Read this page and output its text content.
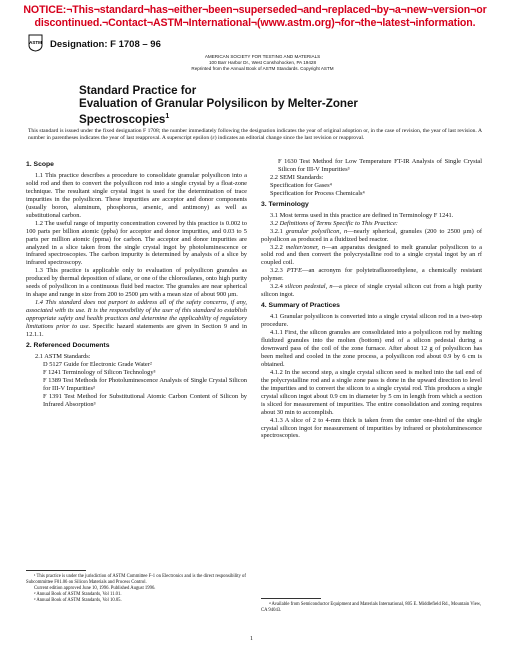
NOTICE:¬This¬standard¬has¬either¬been¬superseded¬and¬replaced¬by¬a¬new¬version¬or
discontinued.¬Contact¬ASTM¬International¬(www.astm.org)¬for¬the¬latest¬information.
ASTM Designation: F 1708 – 96
AMERICAN SOCIETY FOR TESTING AND MATERIALS
100 Barr Harbor Dr., West Conshohocken, PA 19428
Reprinted from the Annual Book of ASTM Standards. Copyright ASTM
Standard Practice for
Evaluation of Granular Polysilicon by Melter-Zoner
Spectroscopies$^1$
This standard is issued under the fixed designation F 1708; the number immediately following the designation indicates the year of original adoption or, in the case of revision, the year of last revision. A number in parentheses indicates the year of last reapproval. A superscript epsilon (ε) indicates an editorial change since the last revision or reapproval.
1. Scope

1.1 This practice describes a procedure to consolidate granular polysilicon into a solid rod and then to convert the polysilicon rod into a single crystal by a float-zone technique. The resultant single crystal ingot is used for the determination of trace impurities in the polysilicon. These impurities are acceptor and donor components (usually boron, aluminum, phosphorus, arsenic, and antimony) as well as substitutional carbon.

1.2 The useful range of impurity concentration covered by this practice is 0.002 to 100 parts per billion atomic (ppba) for acceptor and donor impurities, and 0.03 to 5 parts per million atomic (ppma) for carbon. The acceptor and donor impurities are analyzed in a slice taken from the single crystal ingot by photoluminescence or infrared spectroscopies. The carbon impurity is determined by analysis of a slice by infrared spectroscopy.

1.3 This practice is applicable only to evaluation of polysilicon granules as produced by thermal deposition of silane, or one of the chlorosilanes, onto high purity seeds of polysilicon in a continuous fluid bed reactor. The granules are near spherical in shape and range in size from 200 to 2500 μm with a mean size of about 900 μm.

1.4 This standard does not purport to address all of the safety concerns, if any, associated with its use. It is the responsibility of the user of this standard to establish appropriate safety and health practices and determine the applicability of regulatory limitations prior to use. Specific hazard statements are given in Section 9 and in 12.1.1.

2. Referenced Documents

2.1 ASTM Standards:

D 5127 Guide for Electronic Grade Water²

F 1241 Terminology of Silicon Technology³

F 1389 Test Methods for Photoluminescence Analysis of Single Crystal Silicon for III-V Impurities³

F 1391 Test Method for Substitutional Atomic Carbon Content of Silicon by Infrared Absorption³

¹ This practice is under the jurisdiction of ASTM Committee F-1 on Electronics and is the direct responsibility of Subcommittee F01.06 on Silicon Materials and Process Control.
Current edition approved June 10, 1996. Published August 1996.
² Annual Book of ASTM Standards, Vol 11.01.
³ Annual Book of ASTM Standards, Vol 10.05.

F 1630 Test Method for Low Temperature FT-IR Analysis of Single Crystal Silicon for III-V Impurities³

2.2 SEMI Standards:

Specification for Gases⁴

Specification for Process Chemicals⁴

3. Terminology

3.1 Most terms used in this practice are defined in Terminology F 1241.

3.2 Definitions of Terms Specific to This Practice:

3.2.1 granular polysilicon, n—nearly spherical, granules (200 to 2500 μm) of polysilicon as produced in a fluidized bed reactor.

3.2.2 melter/zoner, n—an apparatus designed to melt granular polysilicon to a solid rod and then convert the polycrystalline rod to a single crystal ingot by an rf coupled coil.

3.2.3 PTFE—an acronym for polytetrafluoroethylene, a chemically resistant polymer.

3.2.4 silicon pedestal, n—a piece of single crystal silicon cut from a high purity silicon ingot.

4. Summary of Practices

4.1 Granular polysilicon is converted into a single crystal silicon rod in a two-step procedure.

4.1.1 First, the silicon granules are consolidated into a polysilicon rod by melting fluidized granules into the molten (bottom) end of a silicon pedestal during a downward pass of the coil of the zone furnace. After about 12 g of polysilicon has been melted and cooled in the zone process, a polysilicon rod about 0.9 by 6 cm is obtained.

4.1.2 In the second step, a single crystal silicon seed is melted into the tail end of the polycrystalline rod and a single zone pass is done in the upward direction to level the impurities and to convert the silicon to a single crystal rod. This produces a single crystal silicon ingot about 0.9 cm in diameter by 5 cm in length from which a section is sliced for measurement of impurities. The entire consolidation and zoning requires about 30 min to accomplish.

4.1.3 A slice of 2 to 4-mm thick is taken from the center one-third of the single crystal silicon ingot for measurement of impurities by infrared or photoluminescence spectroscopies.

⁴ Available from Semiconductor Equipment and Materials International, 805 E. Middlefield Rd., Mountain View, CA 94043.
1
